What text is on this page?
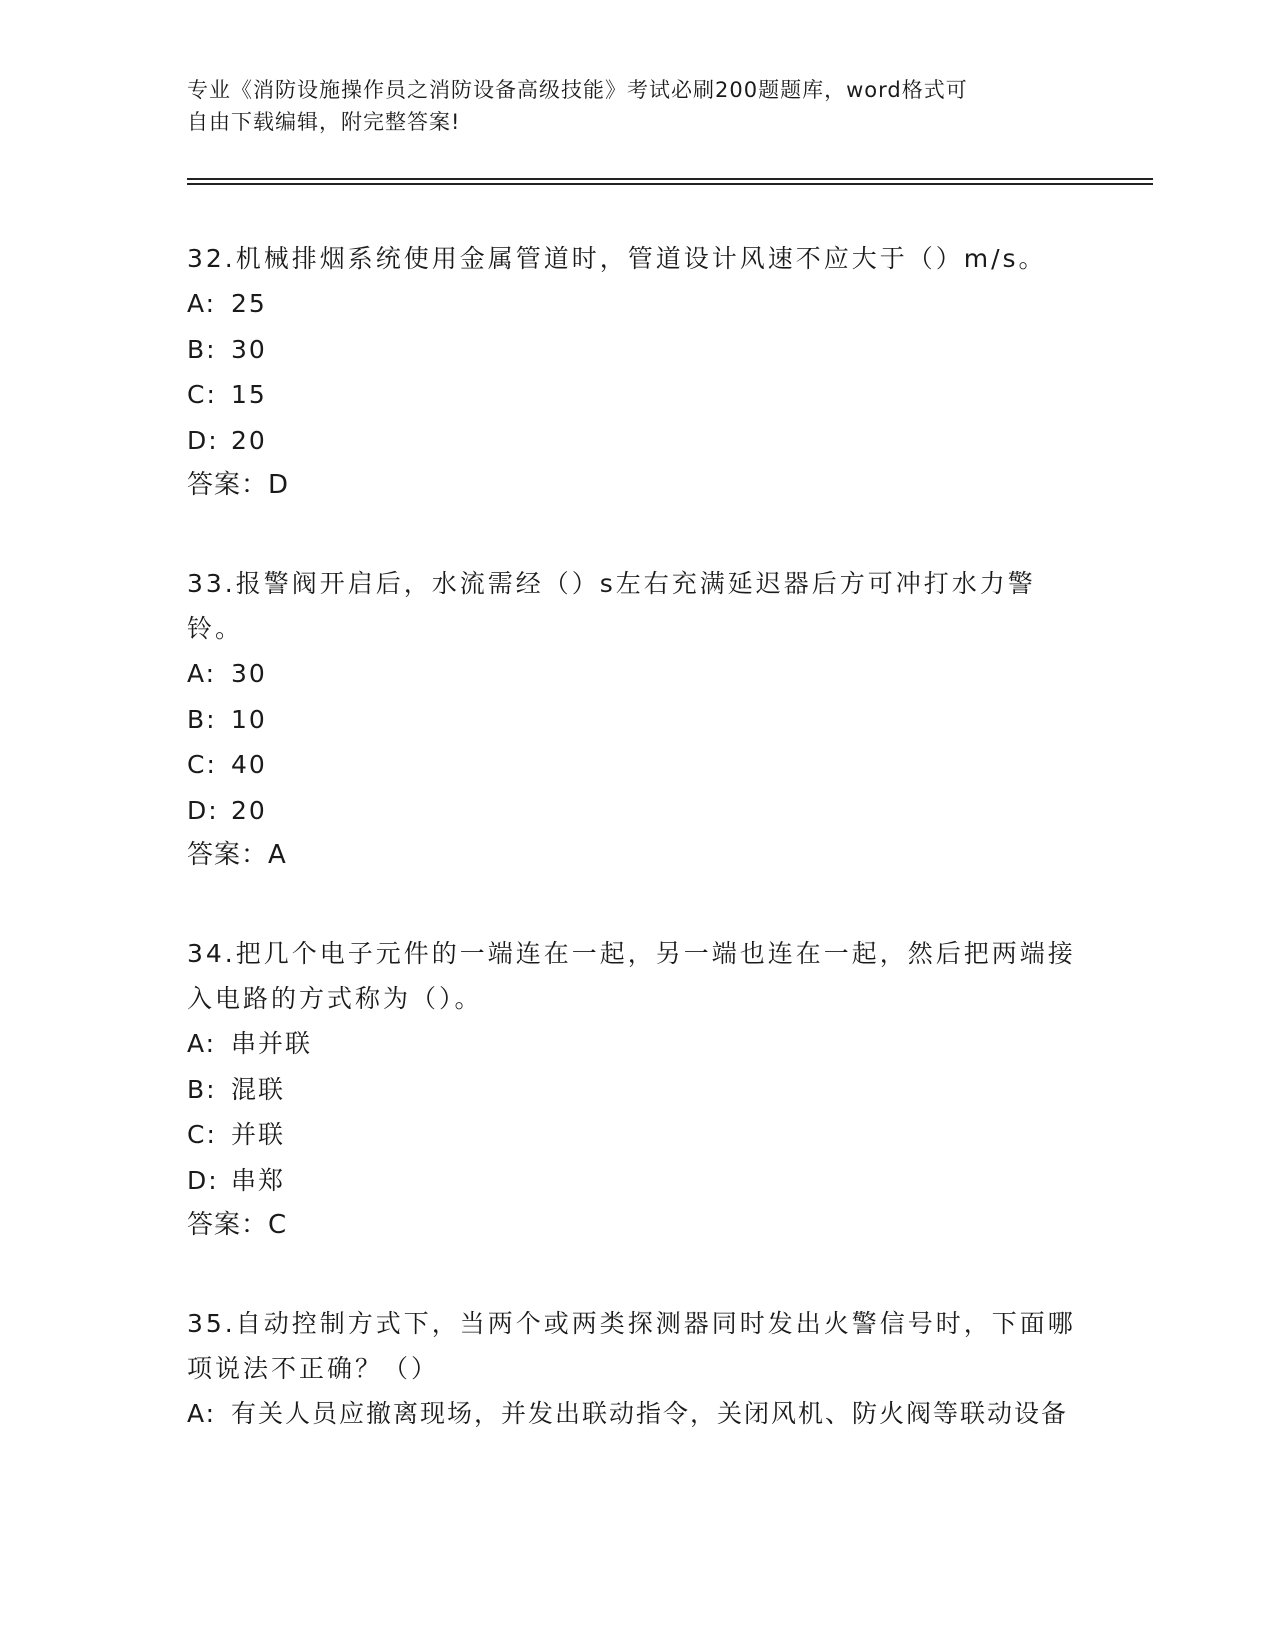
专业《消防设施操作员之消防设备高级技能》考试必刷200题题库，word格式可
自由下载编辑，附完整答案!
32.机械排烟系统使用金属管道时，管道设计风速不应大于（）m/s。
A: 25
B: 30
C: 15
D: 20
答案：D
33.报警阀开启后，水流需经（）s左右充满延迟器后方可冲打水力警铃。
A: 30
B: 10
C: 40
D: 20
答案：A
34.把几个电子元件的一端连在一起，另一端也连在一起，然后把两端接入电路的方式称为（）。
A: 串并联
B: 混联
C: 并联
D: 串郑
答案：C
35.自动控制方式下，当两个或两类探测器同时发出火警信号时，下面哪项说法不正确？（）
A: 有关人员应撤离现场，并发出联动指令，关闭风机、防火阀等联动设备
